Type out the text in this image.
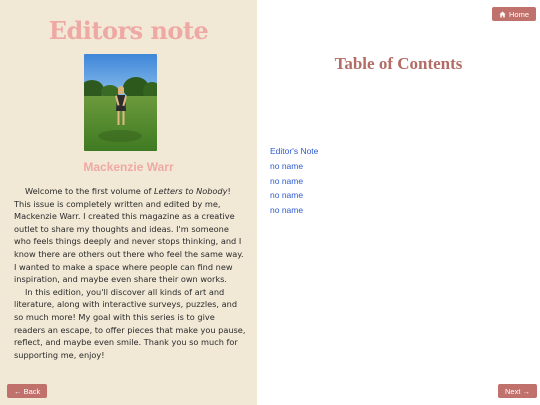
Editors note
Mackenzie Warr

Welcome to the first volume of Letters to Nobody! This issue is completely written and edited by me, Mackenzie Warr. I created this magazine as a creative outlet to share my thoughts and ideas. I'm someone who feels things deeply and never stops thinking, and I know there are others out there who feel the same way. I wanted to make a space where people can find new inspiration, and maybe even share their own works.

In this edition, you'll discover all kinds of art and literature, along with interactive surveys, puzzles, and so much more! My goal with this series is to give readers an escape, to offer pieces that make you pause, reflect, and maybe even smile. Thank you so much for supporting me, enjoy!

← Back	Next →
Home
Table of Contents
Editor's Note
no name
no name
no name
no name
